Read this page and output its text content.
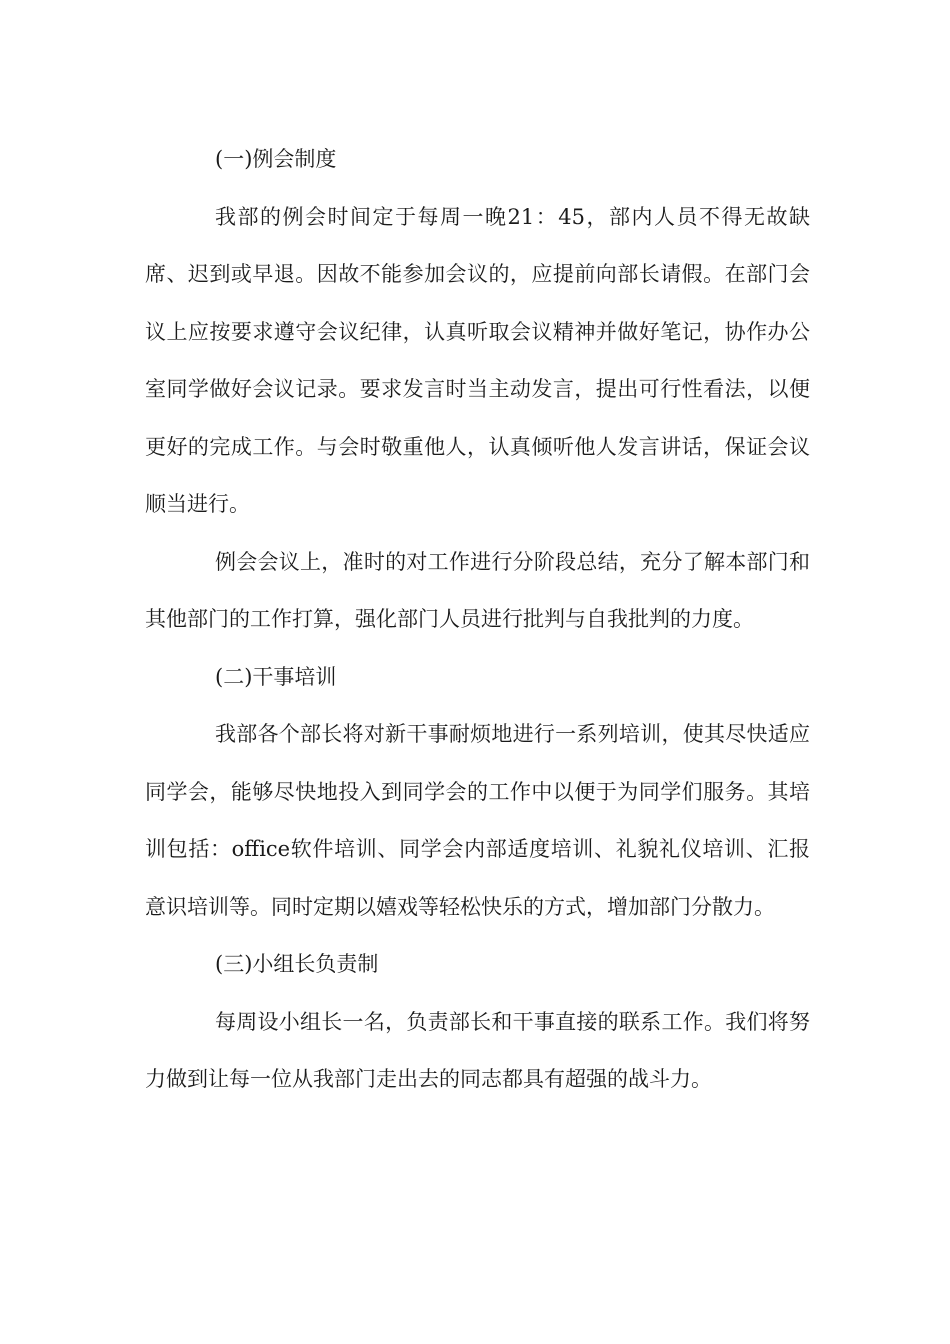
(一)例会制度

我部的例会时间定于每周一晚21：45，部内人员不得无故缺席、迟到或早退。因故不能参加会议的，应提前向部长请假。在部门会议上应按要求遵守会议纪律，认真听取会议精神并做好笔记，协作办公室同学做好会议记录。要求发言时当主动发言，提出可行性看法，以便更好的完成工作。与会时敬重他人，认真倾听他人发言讲话，保证会议顺当进行。

例会会议上，准时的对工作进行分阶段总结，充分了解本部门和其他部门的工作打算，强化部门人员进行批判与自我批判的力度。

(二)干事培训

我部各个部长将对新干事耐烦地进行一系列培训，使其尽快适应同学会，能够尽快地投入到同学会的工作中以便于为同学们服务。其培训包括：office软件培训、同学会内部适度培训、礼貌礼仪培训、汇报意识培训等。同时定期以嬉戏等轻松快乐的方式，增加部门分散力。

(三)小组长负责制

每周设小组长一名，负责部长和干事直接的联系工作。我们将努力做到让每一位从我部门走出去的同志都具有超强的战斗力。
